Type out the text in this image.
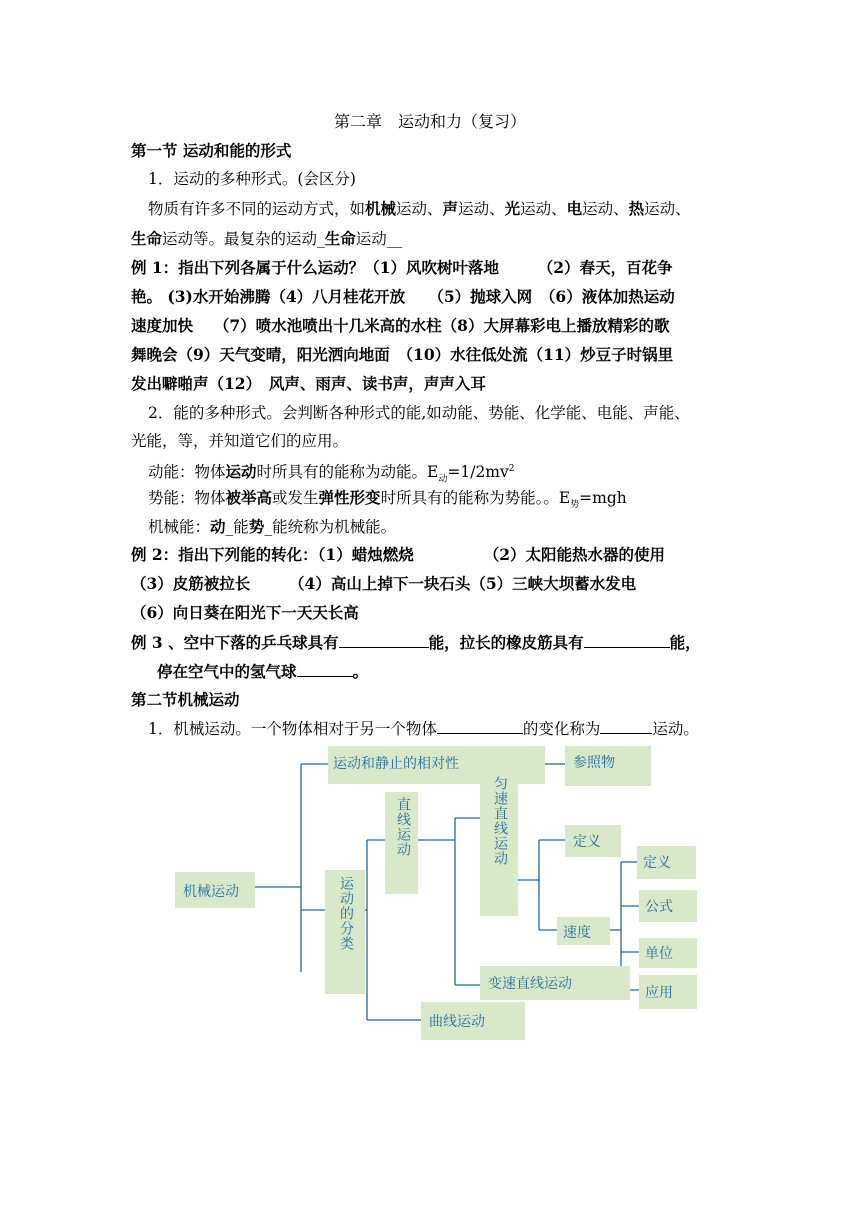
第二章　运动和力（复习）
第一节 运动和能的形式
1．运动的多种形式。(会区分)
物质有许多不同的运动方式，如机械运动、声运动、光运动、电运动、热运动、
生命运动等。最复杂的运动_生命运动__
例 1：指出下列各属于什么运动？（1）风吹树叶落地　　　（2）春天，百花争
艳。 (3)水开始沸腾（4）八月桂花开放　　（5）抛球入网　（6）液体加热运动
速度加快　 （7）喷水池喷出十几米高的水柱（8）大屏幕彩电上播放精彩的歌
舞晚会（9）天气变晴，阳光洒向地面　（10）水往低处流（11）炒豆子时锅里
发出噼啪声（12）　风声、雨声、读书声，声声入耳
2．能的多种形式。会判断各种形式的能,如动能、势能、化学能、电能、声能、
光能，等，并知道它们的应用。
动能：物体运动时所具有的能称为动能。$E_动=1/2mv^2$
势能：物体被举高或发生弹性形变时所具有的能称为势能。。$E_势=mgh$
机械能：动_能势_能统称为机械能。
例 2：指出下列能的转化：（1）蜡烛燃烧	（2）太阳能热水器的使用
（3）皮筋被拉长　　　（4）高山上掉下一块石头（5）三峡大坝蓄水发电
（6）向日葵在阳光下一天天长高
例 3 、空中下落的乒乓球具有	能，拉长的橡皮筋具有	能，
停在空气中的氢气球	。
第二节机械运动
1．机械运动。一个物体相对于另一个物体	的变化称为	运动。
机械运动
运动和静止的相对性	参照物
运动的分类
直线运动	匀速直线运动	定义
速度
定义
公式
单位
应用
变速直线运动
曲线运动
